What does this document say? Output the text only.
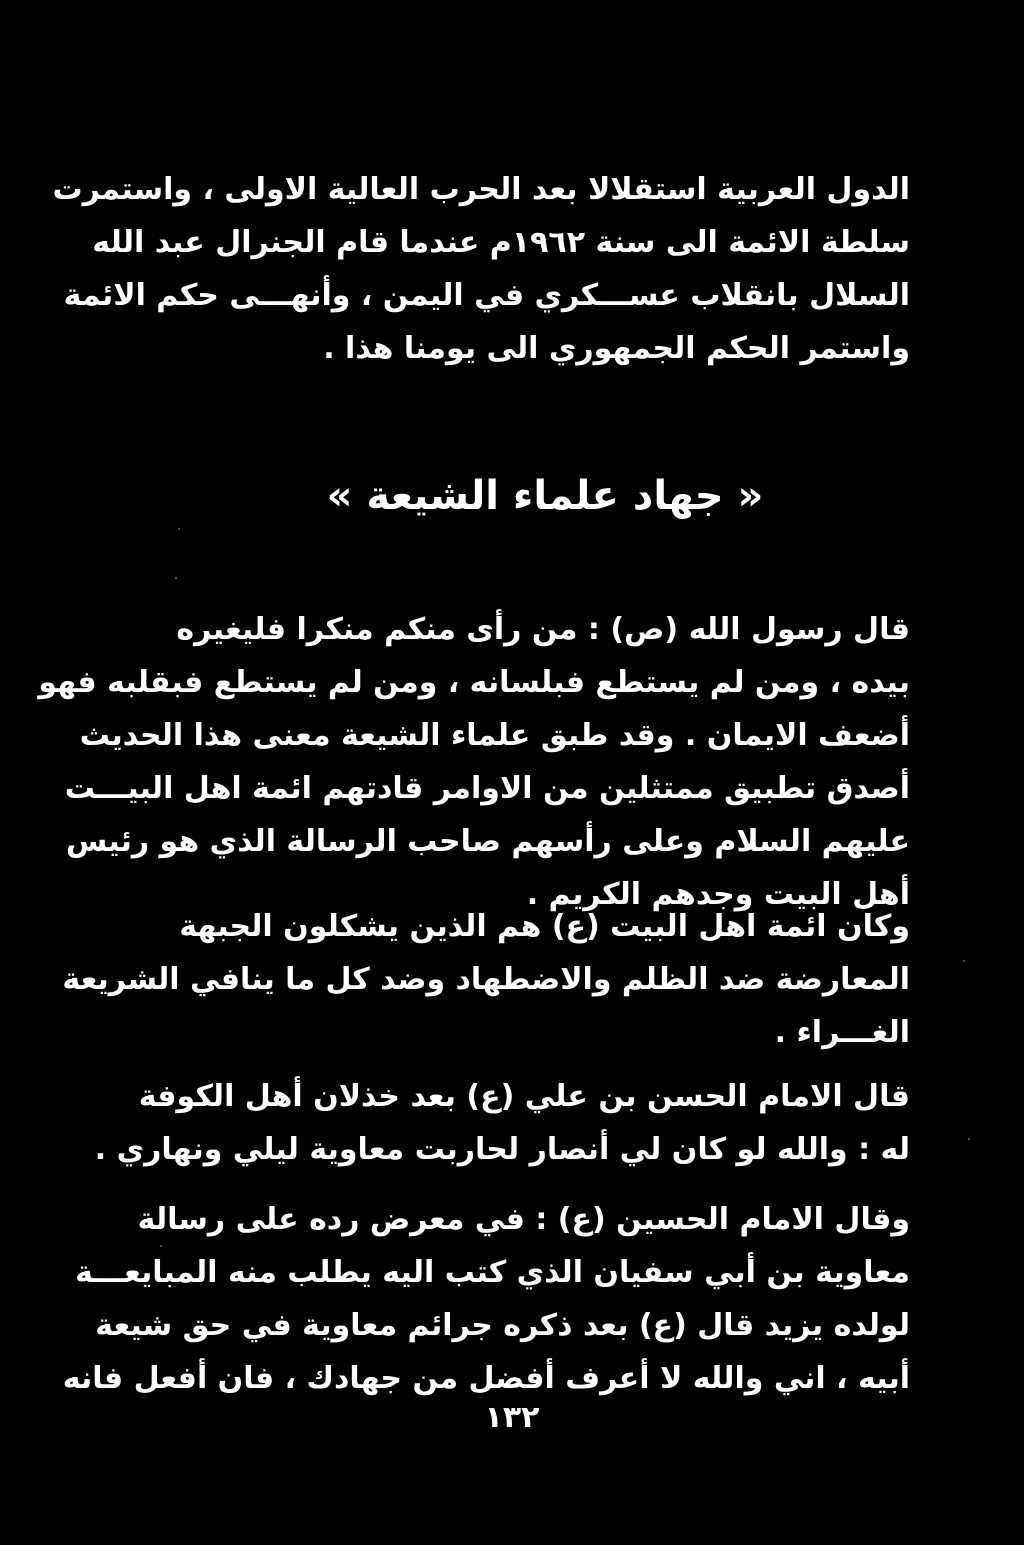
الدول العربية استقلالا بعد الحرب العالية الاولى ، واستمرت
سلطة الائمة الى سنة ١٩٦٢م عندما قام الجنرال عبد الله
السلال بانقلاب عســـكري في اليمن ، وأنهـــى حكم الائمة
واستمر الحكم الجمهوري الى يومنا هذا .
« جهاد علماء الشيعة »
قال رسول الله (ص) : من رأى منكم منكرا فليغيره
بيده ، ومن لم يستطع فبلسانه ، ومن لم يستطع فبقلبه فهو
أضعف الايمان . وقد طبق علماء الشيعة معنى هذا الحديث
أصدق تطبيق ممتثلين من الاوامر قادتهم ائمة اهل البيـــت
عليهم السلام وعلى رأسهم صاحب الرسالة الذي هو رئيس
أهل البيت وجدهم الكريم .
وكان ائمة اهل البيت (ع) هم الذين يشكلون الجبهة
المعارضة ضد الظلم والاضطهاد وضد كل ما ينافي الشريعة
الغـــراء .
قال الامام الحسن بن علي (ع) بعد خذلان أهل الكوفة
له : والله لو كان لي أنصار لحاربت معاوية ليلي ونهاري .
وقال الامام الحسين (ع) : في معرض رده على رسالة
معاوية بن أبي سفيان الذي كتب اليه يطلب منه المبايعـــة
لولده يزيد قال (ع) بعد ذكره جرائم معاوية في حق شيعة
أبيه ، اني والله لا أعرف أفضل من جهادك ، فان أفعل فانه
١٣٢
